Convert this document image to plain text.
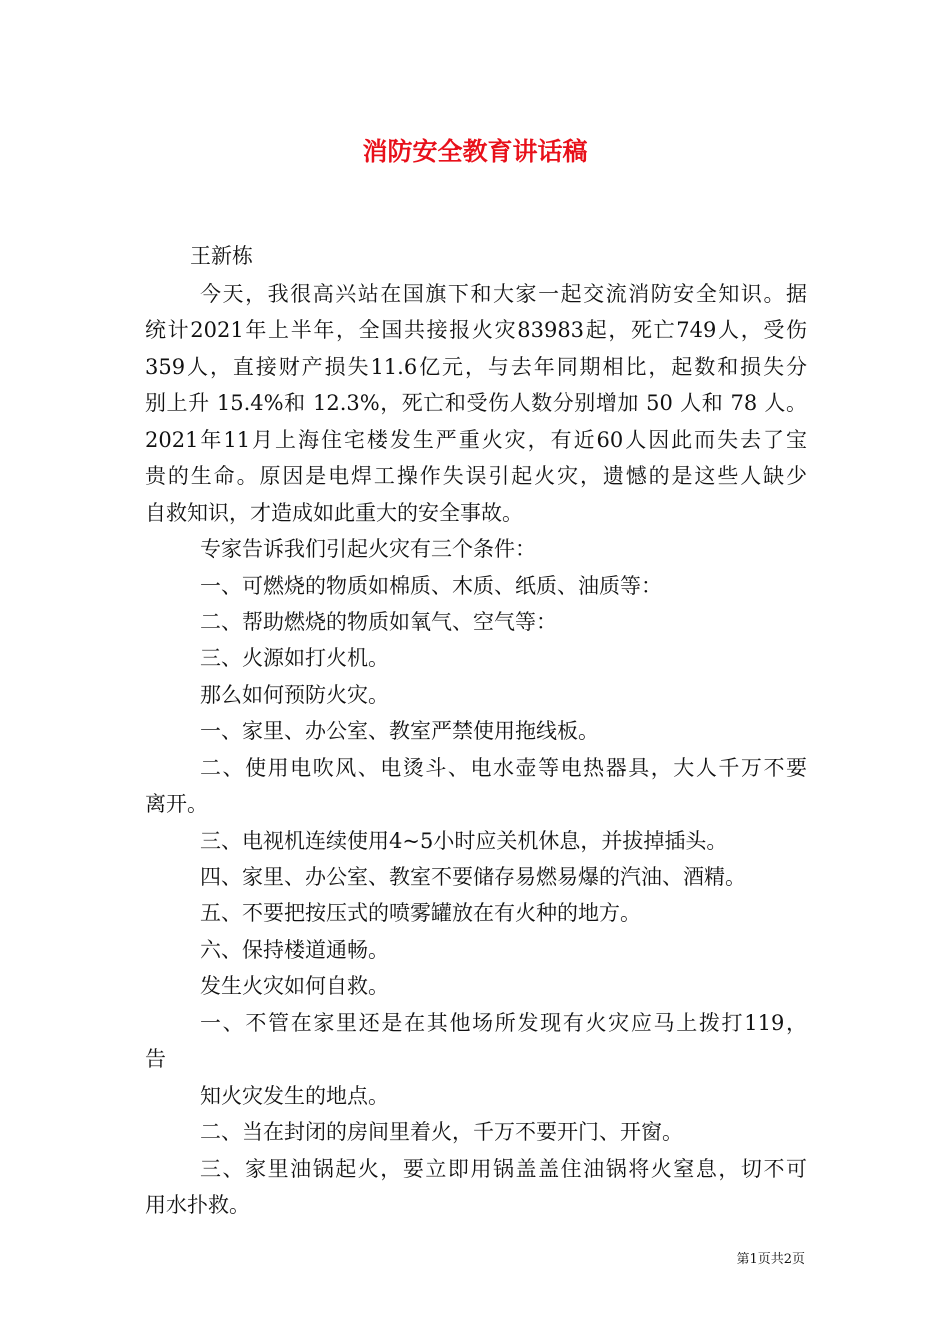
消防安全教育讲话稿
王新栋
今天，我很高兴站在国旗下和大家一起交流消防安全知识。据
统计2021年上半年，全国共接报火灾83983起，死亡749人，受伤
359人，直接财产损失11.6亿元，与去年同期相比，起数和损失分
别上升 15.4%和 12.3%，死亡和受伤人数分别增加 50 人和 78 人。
2021年11月上海住宅楼发生严重火灾，有近60人因此而失去了宝
贵的生命。原因是电焊工操作失误引起火灾，遗憾的是这些人缺少
自救知识，才造成如此重大的安全事故。
专家告诉我们引起火灾有三个条件：
一、可燃烧的物质如棉质、木质、纸质、油质等：
二、帮助燃烧的物质如氧气、空气等：
三、火源如打火机。
那么如何预防火灾。
一、家里、办公室、教室严禁使用拖线板。
二、使用电吹风、电烫斗、电水壶等电热器具，大人千万不要
离开。
三、电视机连续使用4~5小时应关机休息，并拔掉插头。
四、家里、办公室、教室不要储存易燃易爆的汽油、酒精。
五、不要把按压式的喷雾罐放在有火种的地方。
六、保持楼道通畅。
发生火灾如何自救。
一、不管在家里还是在其他场所发现有火灾应马上拨打119，
告
知火灾发生的地点。
二、当在封闭的房间里着火，千万不要开门、开窗。
三、家里油锅起火，要立即用锅盖盖住油锅将火窒息，切不可
用水扑救。
第1页共2页
